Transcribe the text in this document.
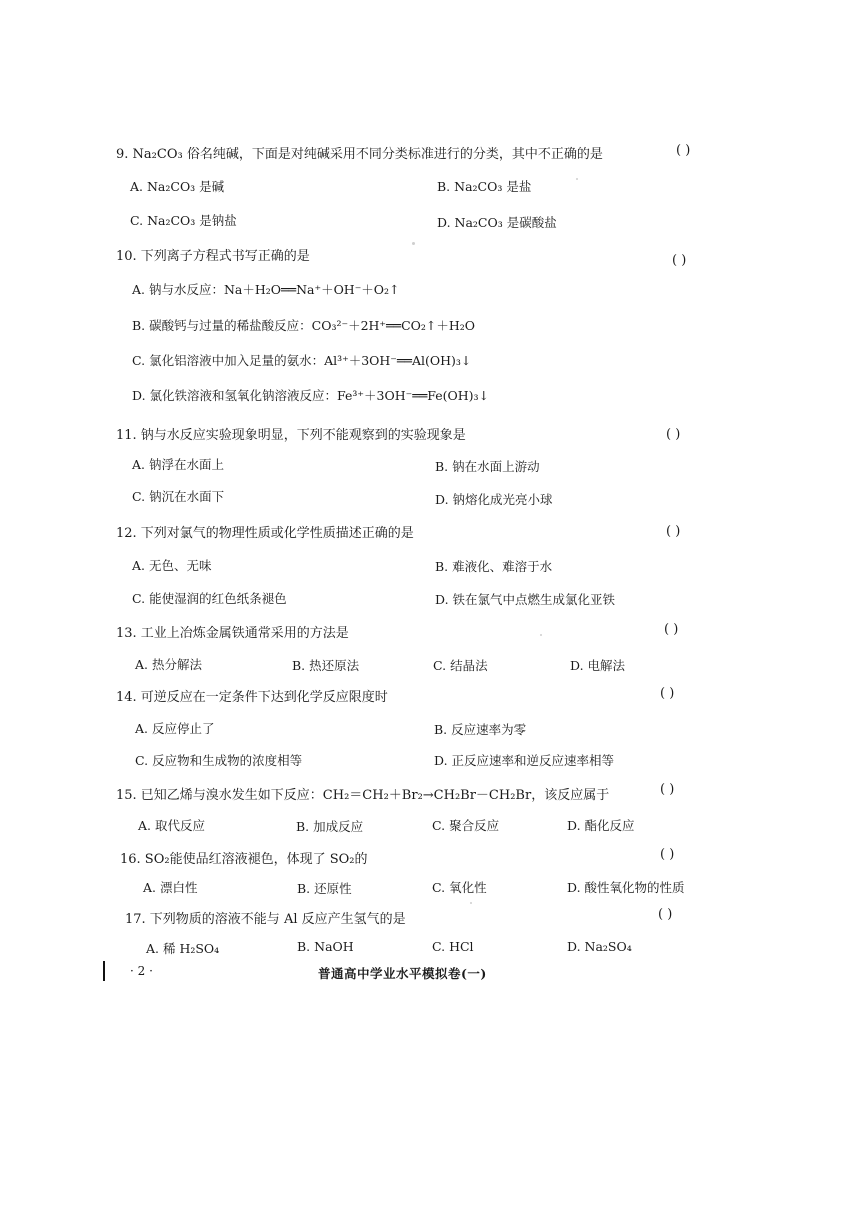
9. Na₂CO₃ 俗名纯碱，下面是对纯碱采用不同分类标准进行的分类，其中不正确的是	( )
A. Na₂CO₃ 是碱	B. Na₂CO₃ 是盐
C. Na₂CO₃ 是钠盐	D. Na₂CO₃ 是碳酸盐
10. 下列离子方程式书写正确的是	( )
A. 钠与水反应：Na＋H₂O══Na⁺＋OH⁻＋O₂↑
B. 碳酸钙与过量的稀盐酸反应：CO₃²⁻＋2H⁺══CO₂↑＋H₂O
C. 氯化铝溶液中加入足量的氨水：Al³⁺＋3OH⁻══Al(OH)₃↓
D. 氯化铁溶液和氢氧化钠溶液反应：Fe³⁺＋3OH⁻══Fe(OH)₃↓
11. 钠与水反应实验现象明显，下列不能观察到的实验现象是	( )
A. 钠浮在水面上	B. 钠在水面上游动
C. 钠沉在水面下	D. 钠熔化成光亮小球
12. 下列对氯气的物理性质或化学性质描述正确的是	( )
A. 无色、无味	B. 难液化、难溶于水
C. 能使湿润的红色纸条褪色	D. 铁在氯气中点燃生成氯化亚铁
13. 工业上冶炼金属铁通常采用的方法是	( )
A. 热分解法	B. 热还原法	C. 结晶法	D. 电解法
14. 可逆反应在一定条件下达到化学反应限度时	( )
A. 反应停止了	B. 反应速率为零
C. 反应物和生成物的浓度相等	D. 正反应速率和逆反应速率相等
15. 已知乙烯与溴水发生如下反应：CH₂＝CH₂＋Br₂→CH₂Br－CH₂Br，该反应属于	( )
A. 取代反应	B. 加成反应	C. 聚合反应	D. 酯化反应
16. SO₂能使品红溶液褪色，体现了 SO₂的	( )
A. 漂白性	B. 还原性	C. 氧化性	D. 酸性氧化物的性质
17. 下列物质的溶液不能与 Al 反应产生氢气的是	( )
A. 稀 H₂SO₄	B. NaOH	C. HCl	D. Na₂SO₄
· 2 ·	普通高中学业水平模拟卷(一)
